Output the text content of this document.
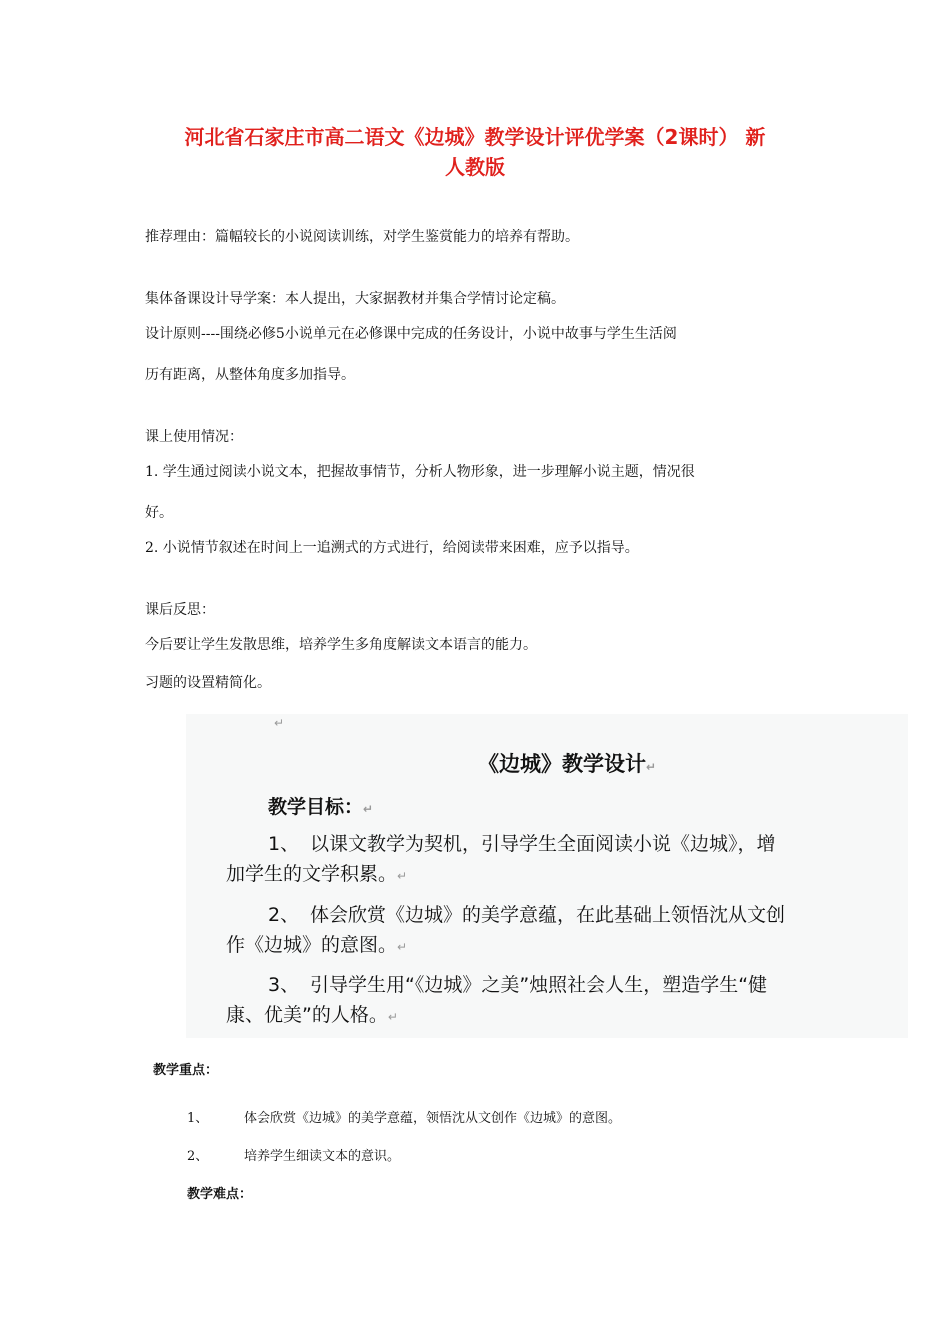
河北省石家庄市高二语文《边城》教学设计评优学案（2课时） 新
人教版
推荐理由：篇幅较长的小说阅读训练，对学生鉴赏能力的培养有帮助。
集体备课设计导学案：本人提出，大家据教材并集合学情讨论定稿。
设计原则----围绕必修5小说单元在必修课中完成的任务设计，小说中故事与学生生活阅
历有距离，从整体角度多加指导。
课上使用情况：
1. 学生通过阅读小说文本，把握故事情节，分析人物形象，进一步理解小说主题，情况很
好。
2. 小说情节叙述在时间上一追溯式的方式进行，给阅读带来困难，应予以指导。
课后反思：
今后要让学生发散思维，培养学生多角度解读文本语言的能力。
习题的设置精简化。
↵
《边城》教学设计↵
教学目标：↵
1、 以课文教学为契机，引导学生全面阅读小说《边城》，增
加学生的文学积累。↵
2、 体会欣赏《边城》的美学意蕴，在此基础上领悟沈从文创
作《边城》的意图。↵
3、 引导学生用“《边城》之美”烛照社会人生，塑造学生“健
康、优美”的人格。↵
教学重点：
1、	体会欣赏《边城》的美学意蕴，领悟沈从文创作《边城》的意图。
2、	培养学生细读文本的意识。
教学难点：
